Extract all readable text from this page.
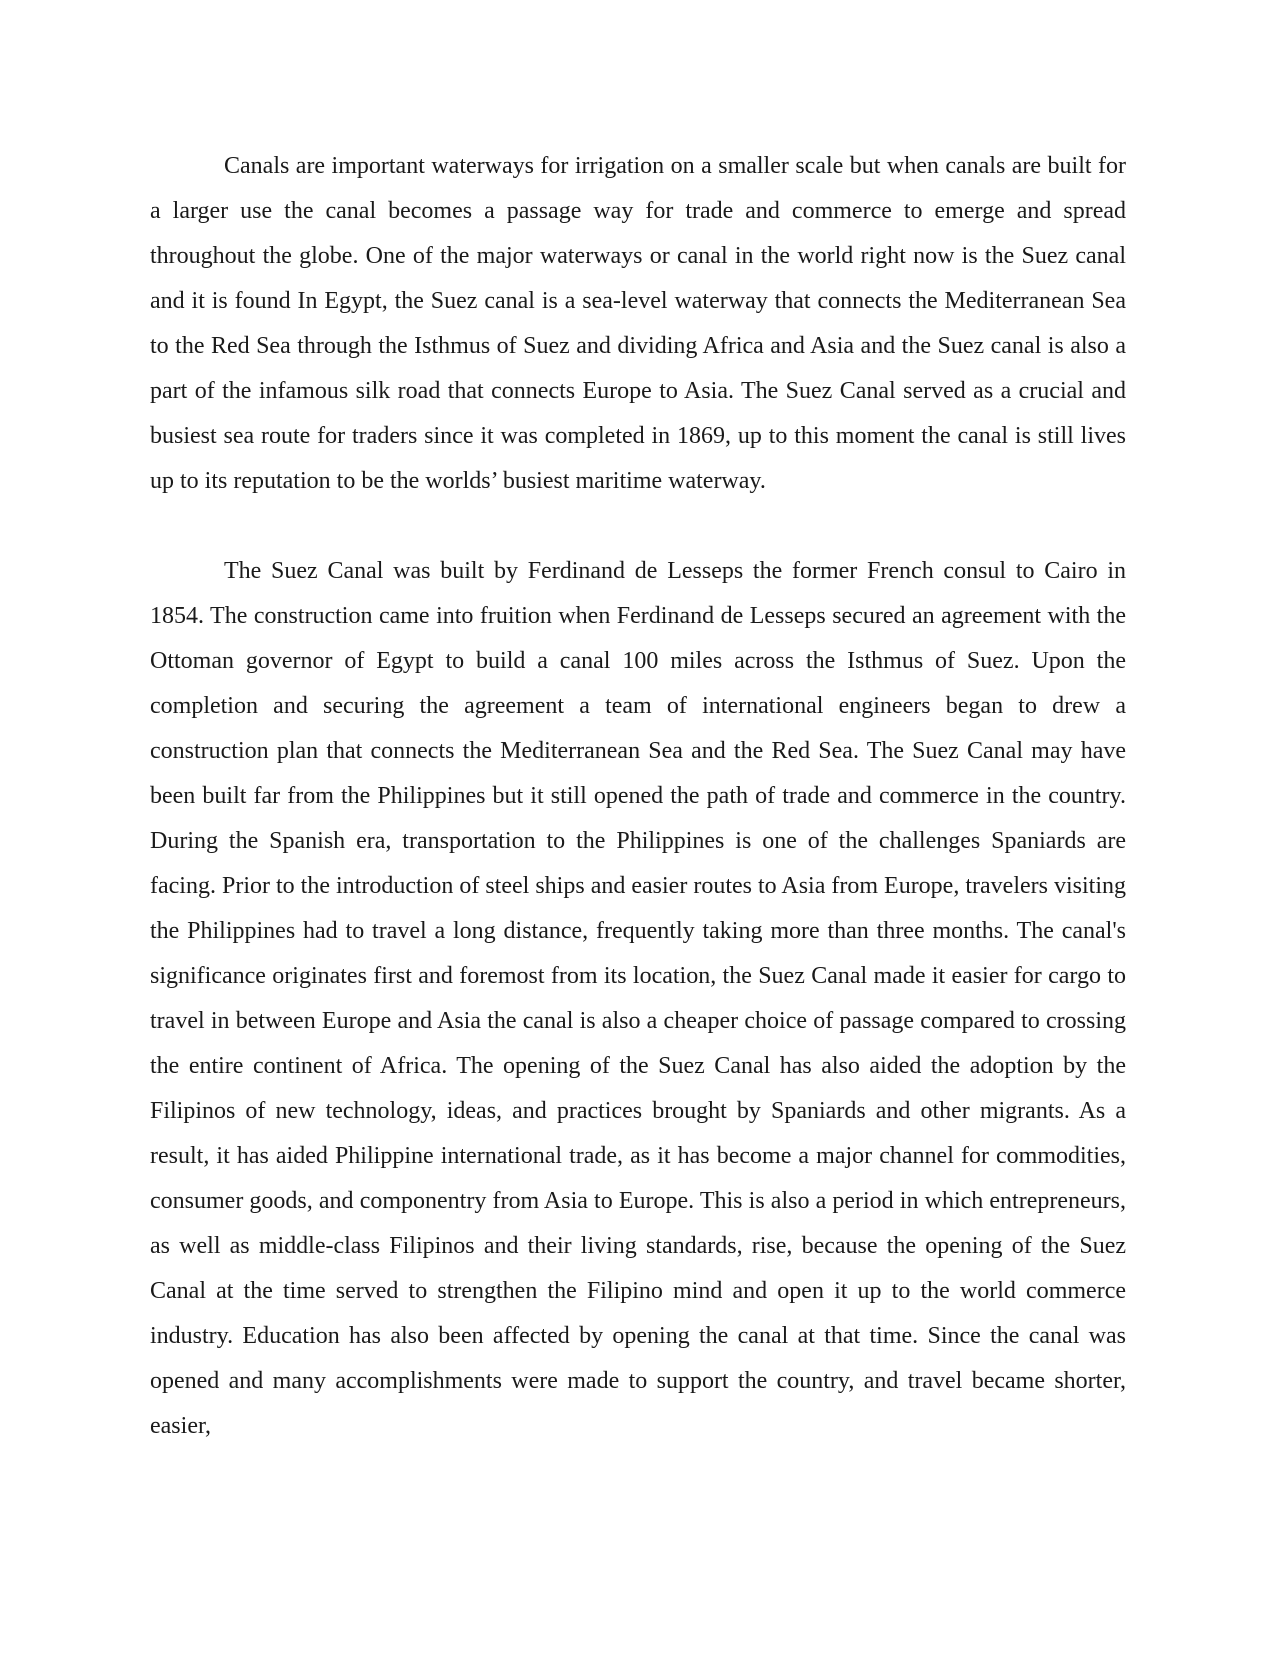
Canals are important waterways for irrigation on a smaller scale but when canals are built for a larger use the canal becomes a passage way for trade and commerce to emerge and spread throughout the globe. One of the major waterways or canal in the world right now is the Suez canal and it is found In Egypt, the Suez canal is a sea-level waterway that connects the Mediterranean Sea to the Red Sea through the Isthmus of Suez and dividing Africa and Asia and the Suez canal is also a part of the infamous silk road that connects Europe to Asia. The Suez Canal served as a crucial and busiest sea route for traders since it was completed in 1869, up to this moment the canal is still lives up to its reputation to be the worlds’ busiest maritime waterway.

The Suez Canal was built by Ferdinand de Lesseps the former French consul to Cairo in 1854. The construction came into fruition when Ferdinand de Lesseps secured an agreement with the Ottoman governor of Egypt to build a canal 100 miles across the Isthmus of Suez. Upon the completion and securing the agreement a team of international engineers began to drew a construction plan that connects the Mediterranean Sea and the Red Sea. The Suez Canal may have been built far from the Philippines but it still opened the path of trade and commerce in the country. During the Spanish era, transportation to the Philippines is one of the challenges Spaniards are facing. Prior to the introduction of steel ships and easier routes to Asia from Europe, travelers visiting the Philippines had to travel a long distance, frequently taking more than three months. The canal's significance originates first and foremost from its location, the Suez Canal made it easier for cargo to travel in between Europe and Asia the canal is also a cheaper choice of passage compared to crossing the entire continent of Africa. The opening of the Suez Canal has also aided the adoption by the Filipinos of new technology, ideas, and practices brought by Spaniards and other migrants. As a result, it has aided Philippine international trade, as it has become a major channel for commodities, consumer goods, and componentry from Asia to Europe. This is also a period in which entrepreneurs, as well as middle-class Filipinos and their living standards, rise, because the opening of the Suez Canal at the time served to strengthen the Filipino mind and open it up to the world commerce industry. Education has also been affected by opening the canal at that time. Since the canal was opened and many accomplishments were made to support the country, and travel became shorter, easier,
